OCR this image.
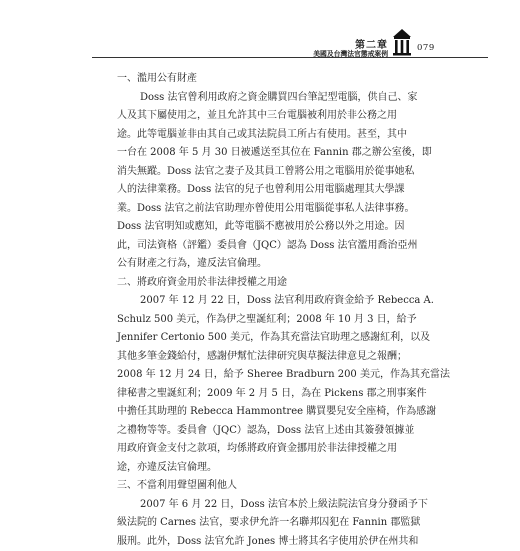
第二章
美國及台灣法官懲戒案例
079
一、濫用公有財產
Doss 法官曾利用政府之資金購買四台筆記型電腦，供自己、家
人及其下屬使用之，並且允許其中三台電腦被利用於非公務之用
途。此等電腦並非由其自己或其法院員工所占有使用。甚至，其中
一台在 2008 年 5 月 30 日被遞送至其位在 Fannin 郡之辦公室後，即
消失無蹤。Doss 法官之妻子及其員工曾將公用之電腦用於從事她私
人的法律業務。Doss 法官的兒子也曾利用公用電腦處理其大學課
業。Doss 法官之前法官助理亦曾使用公用電腦從事私人法律事務。
Doss 法官明知或應知，此等電腦不應被用於公務以外之用途。因
此，司法資格（評鑑）委員會（JQC）認為 Doss 法官濫用喬治亞州
公有財產之行為，違反法官倫理。
二、將政府資金用於非法律授權之用途
2007 年 12 月 22 日，Doss 法官利用政府資金給予 Rebecca A.
Schulz 500 美元，作為伊之聖誕紅利；2008 年 10 月 3 日，給予
Jennifer Certonio 500 美元，作為其充當法官助理之感謝紅利，以及
其他多筆金錢給付，感謝伊幫忙法律研究與草擬法律意見之報酬；
2008 年 12 月 24 日，給予 Sheree Bradburn 200 美元，作為其充當法
律秘書之聖誕紅利；2009 年 2 月 5 日，為在 Pickens 郡之刑事案件
中擔任其助理的 Rebecca Hammontree 購買嬰兒安全座椅，作為感謝
之禮物等等。委員會（JQC）認為，Doss 法官上述由其簽發領據並
用政府資金支付之款項，均係將政府資金挪用於非法律授權之用
途，亦違反法官倫理。
三、不當利用聲望圖利他人
2007 年 6 月 22 日，Doss 法官本於上級法院法官身分發函予下
級法院的 Carnes 法官，要求伊允許一名聯邦囚犯在 Fannin 郡監獄
服刑。此外，Doss 法官允許 Jones 博士將其名字使用於伊在州共和
